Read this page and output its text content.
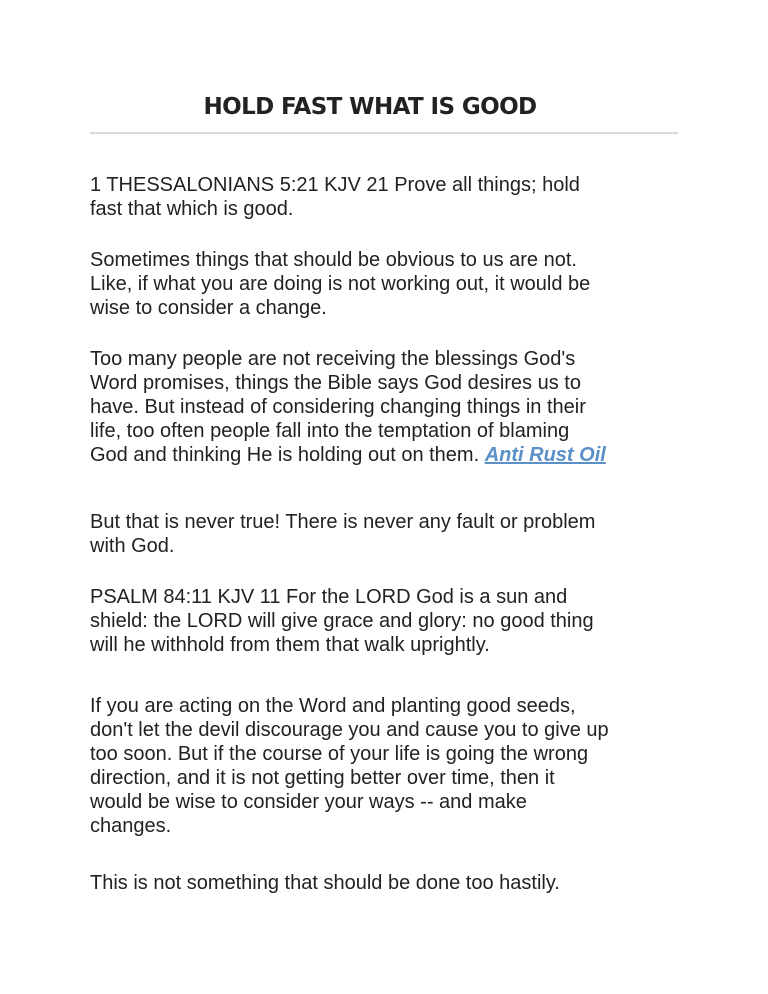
HOLD FAST WHAT IS GOOD
1 THESSALONIANS 5:21 KJV 21 Prove all things; hold
fast that which is good.
Sometimes things that should be obvious to us are not.
Like, if what you are doing is not working out, it would be
wise to consider a change.
Too many people are not receiving the blessings God's
Word promises, things the Bible says God desires us to
have. But instead of considering changing things in their
life, too often people fall into the temptation of blaming
God and thinking He is holding out on them. Anti Rust Oil
But that is never true! There is never any fault or problem
with God.
PSALM 84:11 KJV 11 For the LORD God is a sun and
shield: the LORD will give grace and glory: no good thing
will he withhold from them that walk uprightly.
If you are acting on the Word and planting good seeds,
don't let the devil discourage you and cause you to give up
too soon. But if the course of your life is going the wrong
direction, and it is not getting better over time, then it
would be wise to consider your ways -- and make
changes.
This is not something that should be done too hastily.
